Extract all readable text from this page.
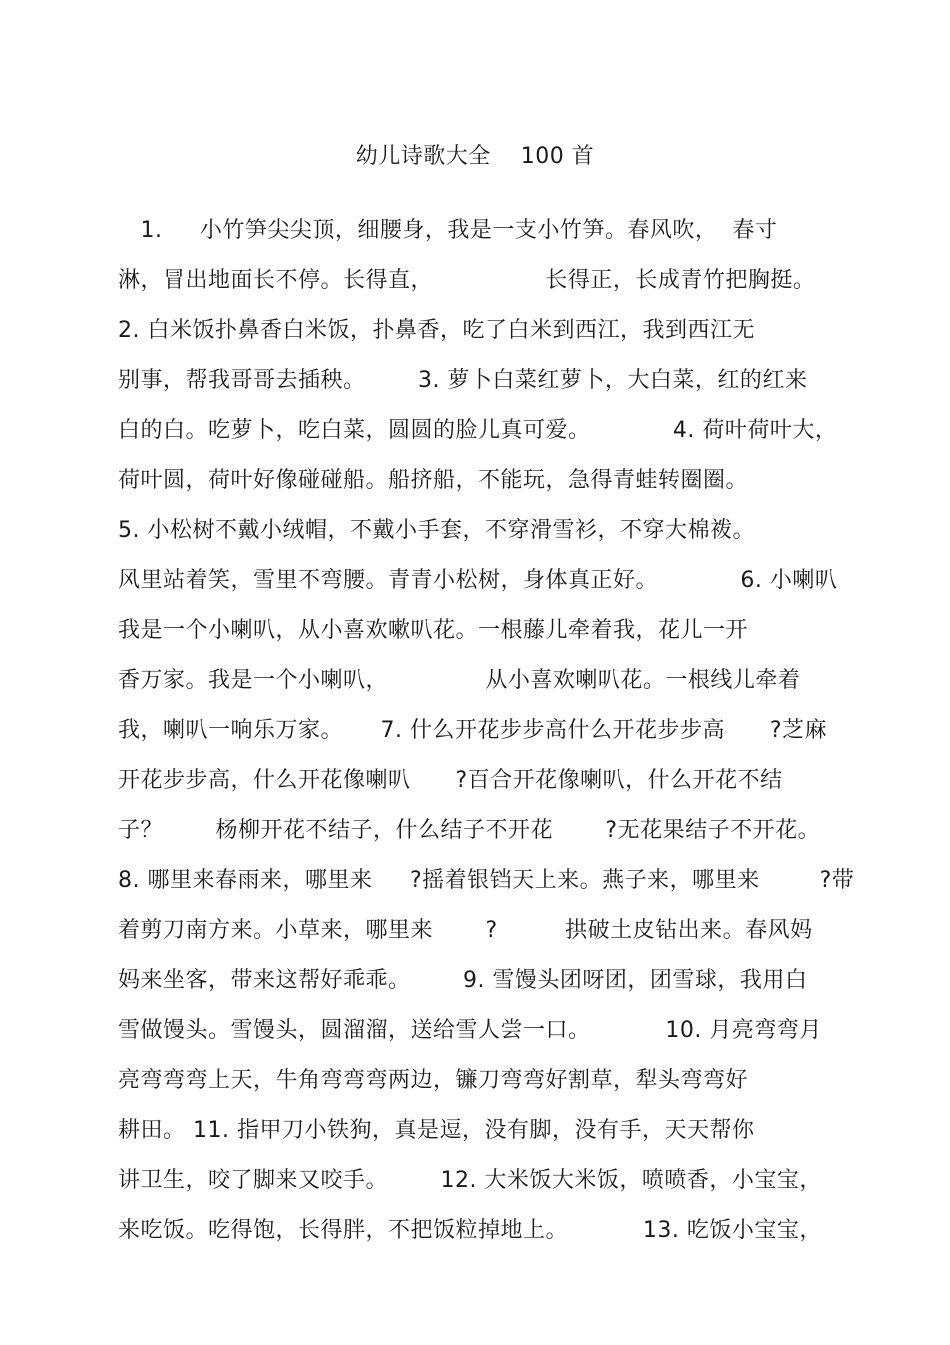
幼儿诗歌大全    100 首
1.     小竹笋尖尖顶，细腰身，我是一支小竹笋。春风吹，  春寸
淋，冒出地面长不停。长得直，               长得正，长成青竹把胸挺。
2. 白米饭扑鼻香白米饭，扑鼻香，吃了白米到西江，我到西江无
别事，帮我哥哥去插秧。       3. 萝卜白菜红萝卜，大白菜，红的红来
白的白。吃萝卜，吃白菜，圆圆的脸儿真可爱。           4. 荷叶荷叶大，
荷叶圆，荷叶好像碰碰船。船挤船，不能玩，急得青蛙转圈圈。
5. 小松树不戴小绒帽，不戴小手套，不穿滑雪衫，不穿大棉袯。
风里站着笑，雪里不弯腰。青青小松树，身体真正好。           6. 小喇叭
我是一个小喇叭，从小喜欢嗽叭花。一根藤儿牵着我，花儿一开
香万家。我是一个小喇叭，             从小喜欢喇叭花。一根线儿牵着
我，喇叭一响乐万家。     7. 什么开花步步高什么开花步步高      ?芝麻
开花步步高，什么开花像喇叭      ?百合开花像喇叭，什么开花不结
子？       杨柳开花不结子，什么结子不开花       ?无花果结子不开花。
8. 哪里来春雨来，哪里来     ?摇着银铛天上来。燕子来，哪里来        ?带
着剪刀南方来。小草来，哪里来       ?         拱破土皮钻出来。春风妈
妈来坐客，带来这帮好乖乖。       9. 雪馒头团呀团，团雪球，我用白
雪做馒头。雪馒头，圆溜溜，送给雪人尝一口。          10. 月亮弯弯月
亮弯弯弯上天，牛角弯弯弯两边，镰刀弯弯好割草，犁头弯弯好
耕田。 11. 指甲刀小铁狗，真是逗，没有脚，没有手，天天帮你
讲卫生，咬了脚来又咬手。       12. 大米饭大米饭，喷喷香，小宝宝，
来吃饭。吃得饱，长得胖，不把饭粒掉地上。          13. 吃饭小宝宝，
